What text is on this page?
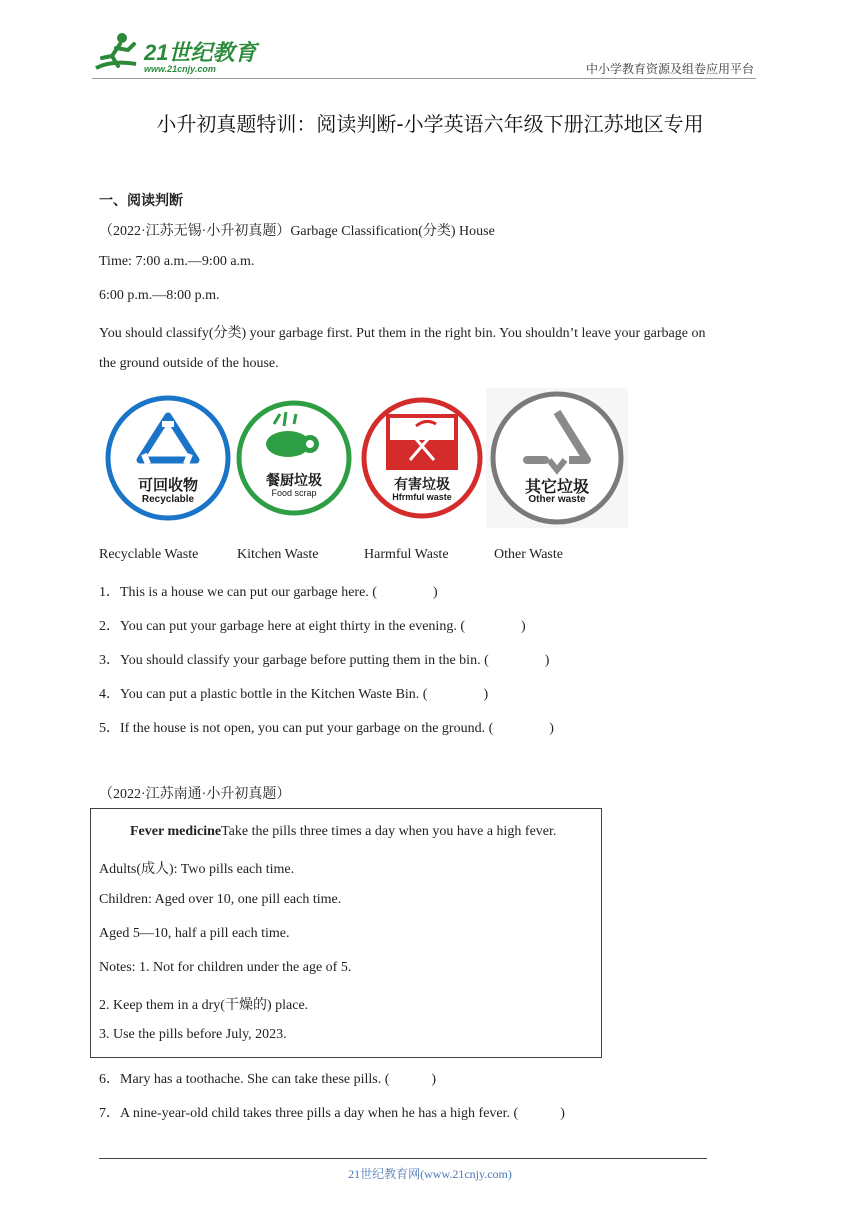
21世纪教育
www.21cnjy.com	中小学教育资源及组卷应用平台
小升初真题特训：阅读判断-小学英语六年级下册江苏地区专用
一、阅读判断
（2022·江苏无锡·小升初真题）Garbage Classification(分类) House
Time: 7:00 a.m.—9:00 a.m.
6:00 p.m.—8:00 p.m.
You should classify(分类) your garbage first. Put them in the right bin. You shouldn’t leave your garbage on
the ground outside of the house.
可回收物
Recyclable
餐厨垃圾
Food scrap
有害垃圾
Hfrmful waste
其它垃圾
Other waste
Recyclable Waste	Kitchen Waste	Harmful Waste	Other Waste
1．This is a house we can put our garbage here. (　　　　)
2．You can put your garbage here at eight thirty in the evening. (　　　　)
3．You should classify your garbage before putting them in the bin. (　　　　)
4．You can put a plastic bottle in the Kitchen Waste Bin. (　　　　)
5．If the house is not open, you can put your garbage on the ground. (　　　　)
（2022·江苏南通·小升初真题）
Fever medicineTake the pills three times a day when you have a high fever.
Adults(成人): Two pills each time.
Children: Aged over 10, one pill each time.
Aged 5—10, half a pill each time.
Notes: 1. Not for children under the age of 5.
2. Keep them in a dry(干燥的) place.
3. Use the pills before July, 2023.
6．Mary has a toothache. She can take these pills. (　　　)
7．A nine-year-old child takes three pills a day when he has a high fever. (　　　)
21世纪教育网(www.21cnjy.com)
